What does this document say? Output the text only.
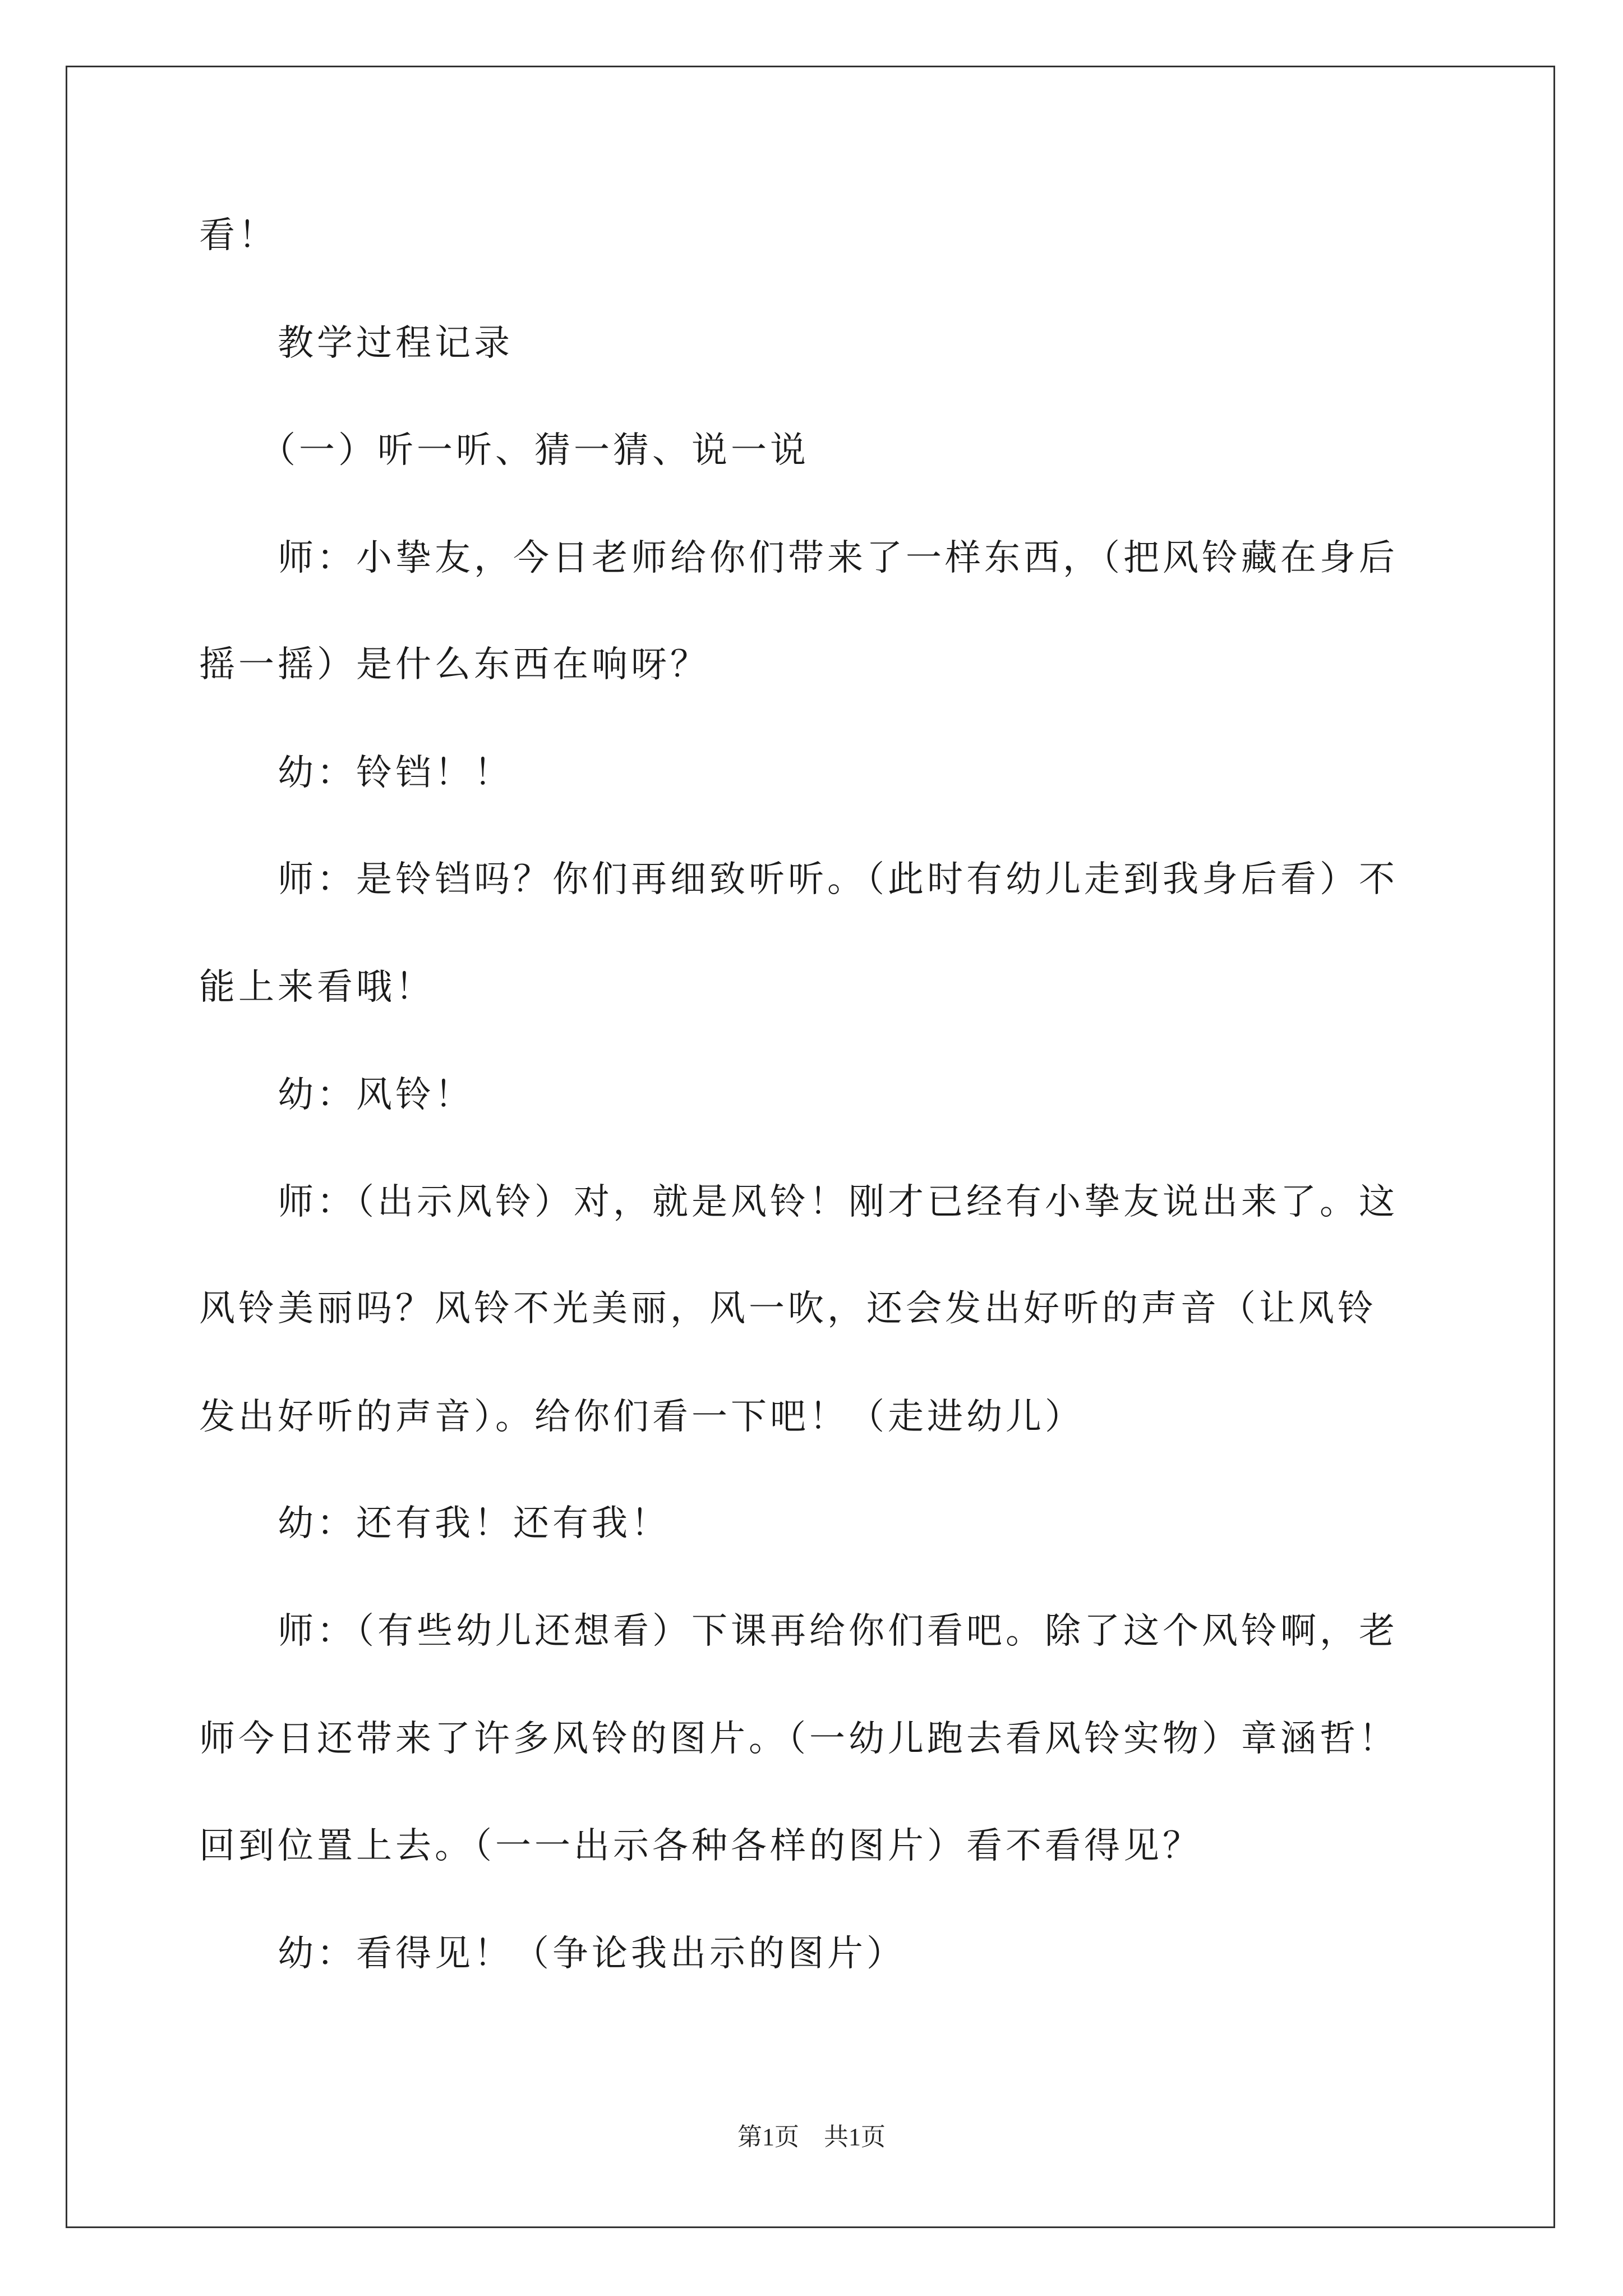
看！
　　教学过程记录
　　（一）听一听、猜一猜、说一说
　　师：小挚友，今日老师给你们带来了一样东西，（把风铃藏在身后
摇一摇）是什么东西在响呀？
　　幼：铃铛！！
　　师：是铃铛吗？你们再细致听听。（此时有幼儿走到我身后看）不
能上来看哦！
　　幼：风铃！
　　师：（出示风铃）对，就是风铃！刚才已经有小挚友说出来了。这
风铃美丽吗？风铃不光美丽，风一吹，还会发出好听的声音（让风铃
发出好听的声音）。给你们看一下吧！（走进幼儿）
　　幼：还有我！还有我！
　　师：（有些幼儿还想看）下课再给你们看吧。除了这个风铃啊，老
师今日还带来了许多风铃的图片。（一幼儿跑去看风铃实物）章涵哲！
回到位置上去。（一一出示各种各样的图片）看不看得见？
　　幼：看得见！（争论我出示的图片）
第1页　共1页
